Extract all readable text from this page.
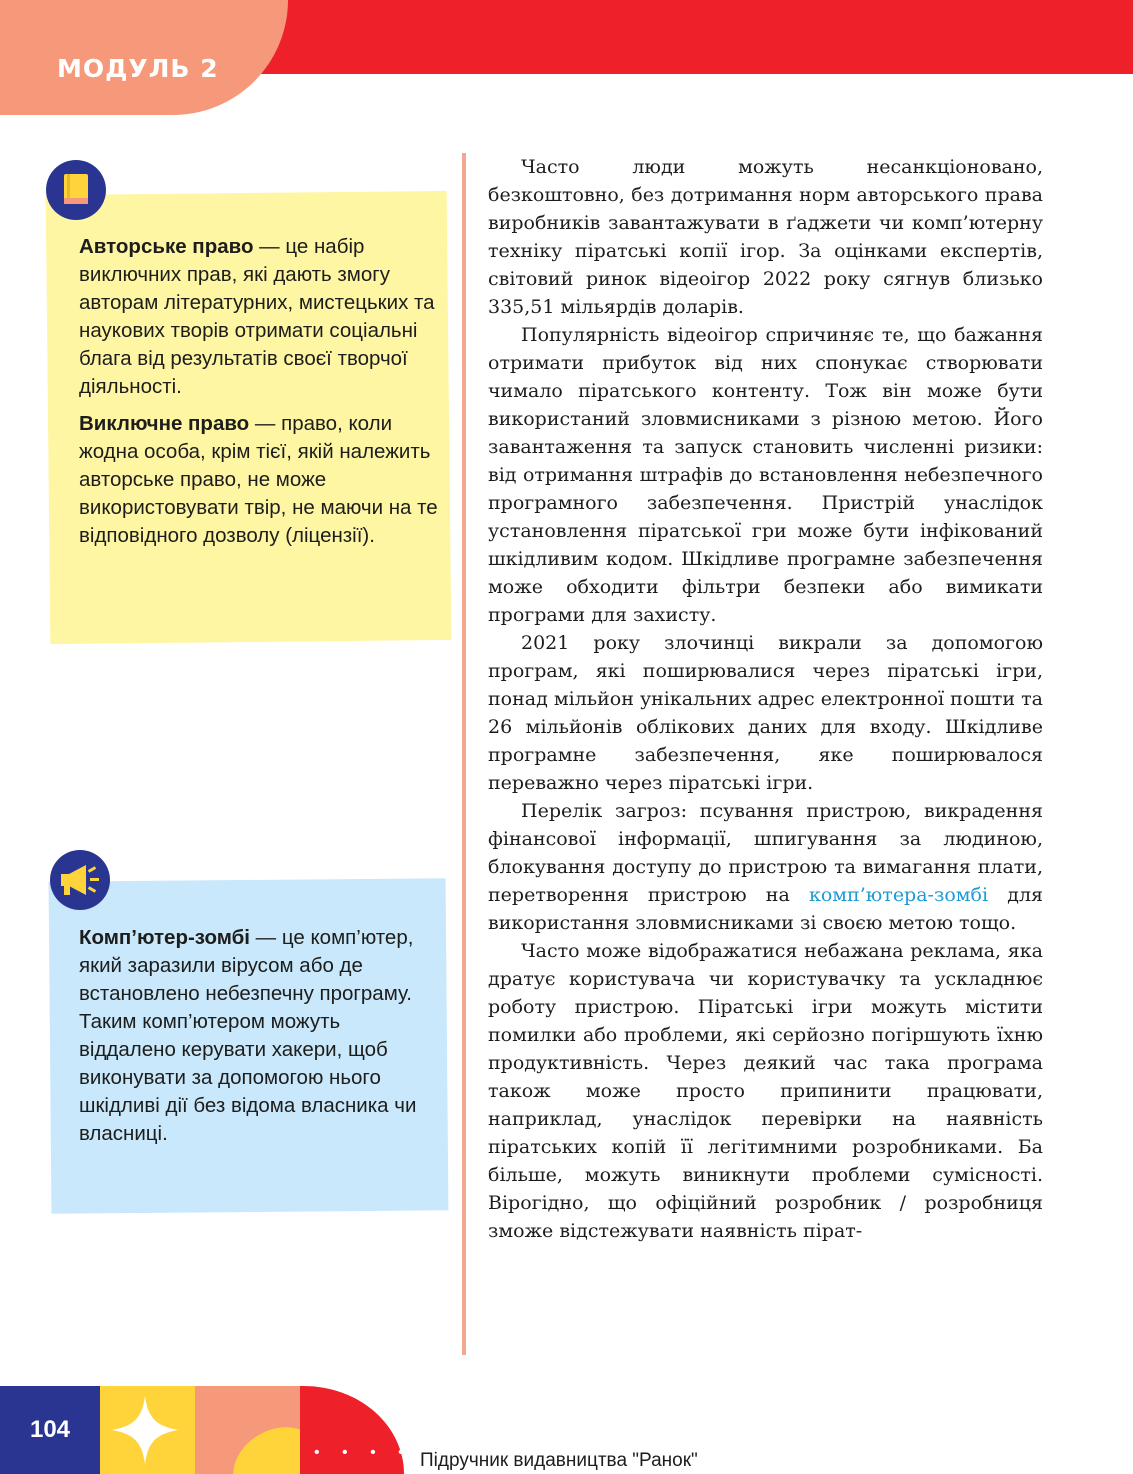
МОДУЛЬ 2

Авторське право — це набір виключних прав, які дають змогу авторам літературних, мистецьких та наукових творів отримати соціальні блага від результатів своєї творчої діяльності.

Виключне право — право, коли жодна особа, крім тієї, якій належить авторське право, не може використовувати твір, не маючи на те відповідного дозволу (ліцензії).

Комп’ютер-зомбі — це комп’ютер, який заразили вірусом або де встановлено небезпечну програму. Таким комп’ютером можуть віддалено керувати хакери, щоб виконувати за допомогою нього шкідливі дії без відома власника чи власниці.

Часто люди можуть несанкціоновано, безкоштовно, без дотримання норм авторського права виробників завантажувати в ґаджети чи комп’ютерну техніку піратські копії ігор. За оцінками експертів, світовий ринок відеоігор 2022 року сягнув близько 335,51 мільярдів доларів.

Популярність відеоігор спричиняє те, що бажання отримати прибуток від них спонукає створювати чимало піратського контенту. Тож він може бути використаний зловмисниками з різною метою. Його завантаження та запуск становить численні ризики: від отримання штрафів до встановлення небезпечного програмного забезпечення. Пристрій унаслідок установлення піратської гри може бути інфікований шкідливим кодом. Шкідливе програмне забезпечення може обходити фільтри безпеки або вимикати програми для захисту.

2021 року злочинці викрали за допомогою програм, які поширювалися через піратські ігри, понад мільйон унікальних адрес електронної пошти та 26 мільйонів облікових даних для входу. Шкідливе програмне забезпечення, яке поширювалося переважно через піратські ігри.

Перелік загроз: псування пристрою, викрадення фінансової інформації, шпигування за людиною, блокування доступу до пристрою та вимагання плати, перетворення пристрою на комп’ютера-зомбі для використання зловмисниками зі своєю метою тощо.

Часто може відображатися небажана реклама, яка дратує користувача чи користувачку та ускладнює роботу пристрою. Піратські ігри можуть містити помилки або проблеми, які серйозно погіршують їхню продуктивність. Через деякий час така програма також може просто припинити працювати, наприклад, унаслідок перевірки на наявність піратських копій її легітимними розробниками. Ба більше, можуть виникнути проблеми сумісності. Вірогідно, що офіційний розробник / розробниця зможе відстежувати наявність пірат-

104
• • • • Підручник видавництва "Ранок"
